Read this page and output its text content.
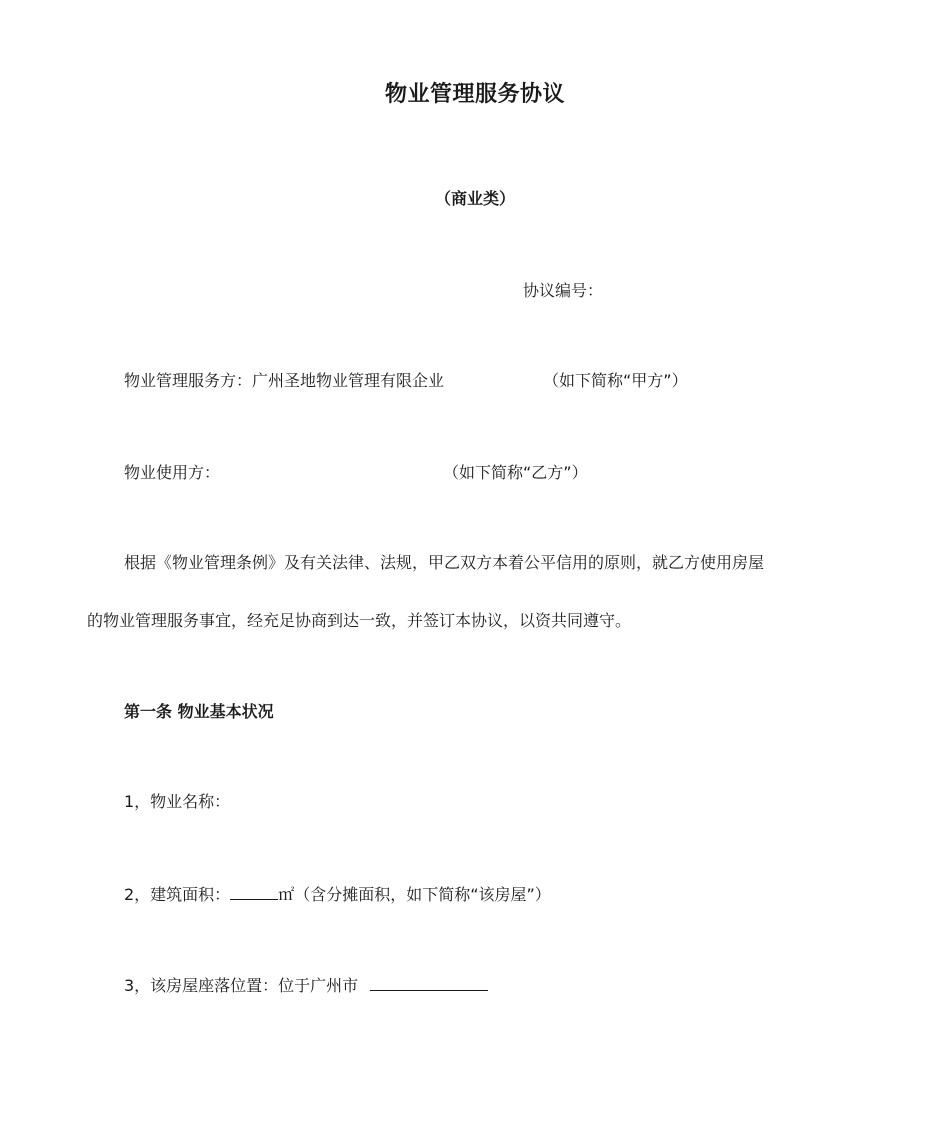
物业管理服务协议
（商业类）
协议编号：
物业管理服务方：广州圣地物业管理有限企业	（如下简称“甲方”）
物业使用方：	（如下简称“乙方”）
根据《物业管理条例》及有关法律、法规，甲乙双方本着公平信用的原则，就乙方使用房屋
的物业管理服务事宜，经充足协商到达一致，并签订本协议，以资共同遵守。
第一条 物业基本状况
1，物业名称：
2，建筑面积：	㎡（含分摊面积，如下简称“该房屋”）
3，该房屋座落位置：位于广州市
